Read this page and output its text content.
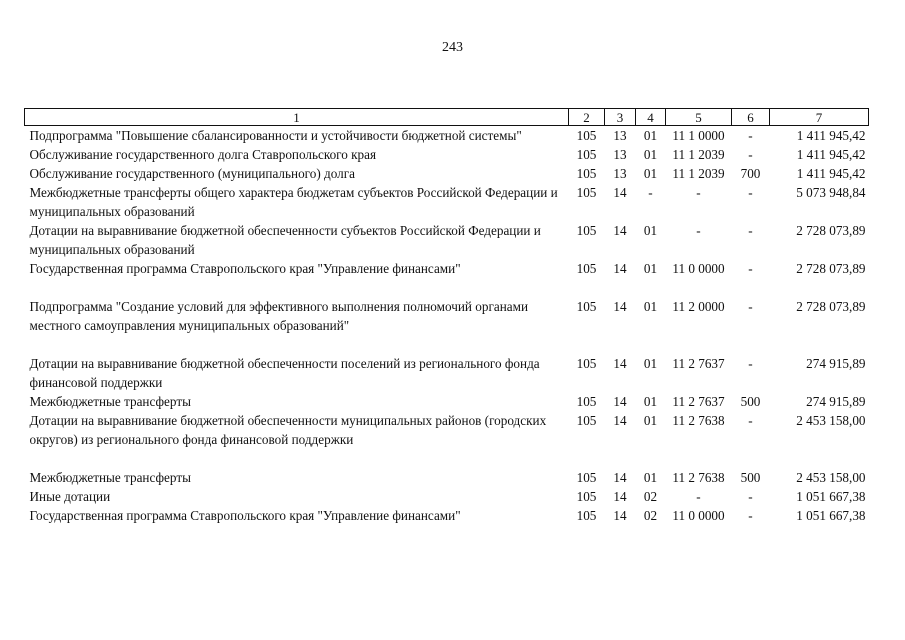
243
1	2	3	4	5	6	7
Подпрограмма "Повышение сбалансированности и устойчивости бюджетной системы"	105	13	01	11 1 0000	-	1 411 945,42
Обслуживание государственного долга Ставропольского края	105	13	01	11 1 2039	-	1 411 945,42
Обслуживание государственного (муниципального) долга	105	13	01	11 1 2039	700	1 411 945,42
Межбюджетные трансферты общего характера бюджетам субъектов Российской Федерации и муниципальных образований	105	14	-	-	-	5 073 948,84
Дотации на выравнивание бюджетной обеспеченности субъектов Российской Федерации и муниципальных образований	105	14	01	-	-	2 728 073,89
Государственная программа Ставропольского края "Управление финансами"	105	14	01	11 0 0000	-	2 728 073,89
Подпрограмма "Создание условий для эффективного выполнения полномочий органами местного самоуправления муниципальных образований"	105	14	01	11 2 0000	-	2 728 073,89
Дотации на выравнивание бюджетной обеспеченности поселений из регионального фонда финансовой поддержки	105	14	01	11 2 7637	-	274 915,89
Межбюджетные трансферты	105	14	01	11 2 7637	500	274 915,89
Дотации на выравнивание бюджетной обеспеченности муниципальных районов (городских округов) из регионального фонда финансовой поддержки	105	14	01	11 2 7638	-	2 453 158,00
Межбюджетные трансферты	105	14	01	11 2 7638	500	2 453 158,00
Иные дотации	105	14	02	-	-	1 051 667,38
Государственная программа Ставропольского края "Управление финансами"	105	14	02	11 0 0000	-	1 051 667,38
